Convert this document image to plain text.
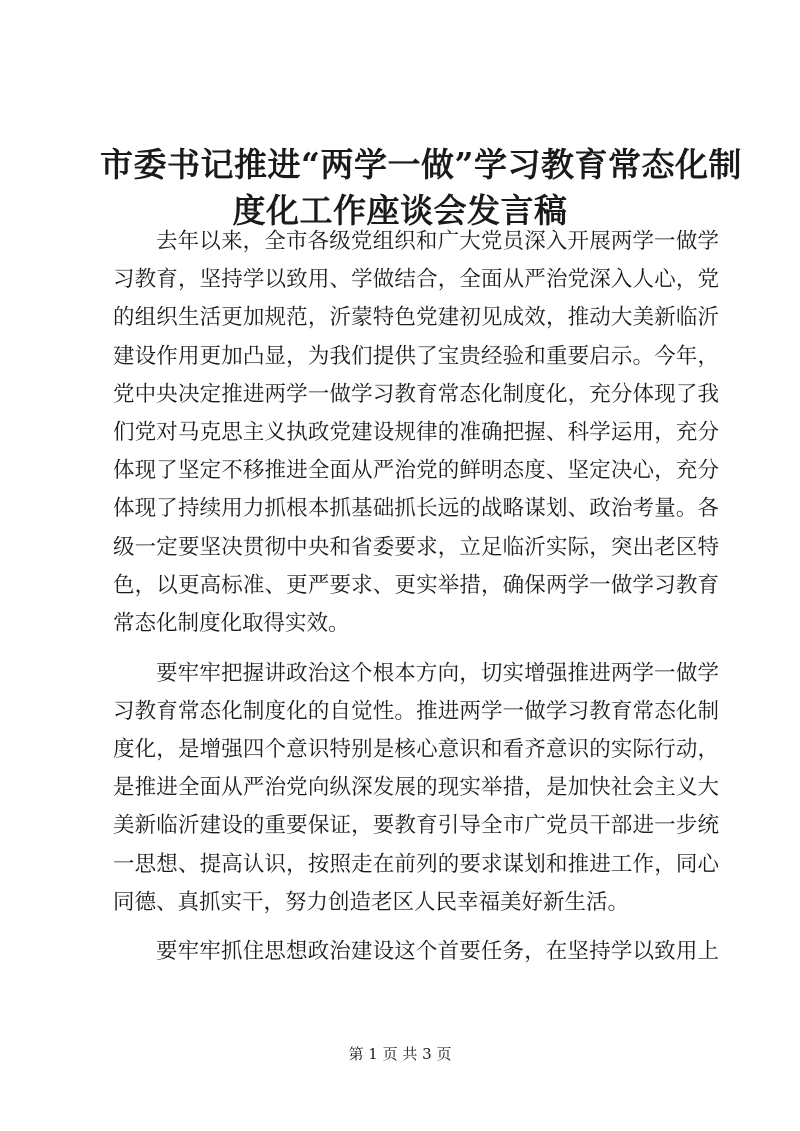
市委书记推进“两学一做”学习教育常态化制
度化工作座谈会发言稿
去年以来，全市各级党组织和广大党员深入开展两学一做学
习教育，坚持学以致用、学做结合，全面从严治党深入人心，党
的组织生活更加规范，沂蒙特色党建初见成效，推动大美新临沂
建设作用更加凸显，为我们提供了宝贵经验和重要启示。今年，
党中央决定推进两学一做学习教育常态化制度化，充分体现了我
们党对马克思主义执政党建设规律的准确把握、科学运用，充分
体现了坚定不移推进全面从严治党的鲜明态度、坚定决心，充分
体现了持续用力抓根本抓基础抓长远的战略谋划、政治考量。各
级一定要坚决贯彻中央和省委要求，立足临沂实际，突出老区特
色，以更高标准、更严要求、更实举措，确保两学一做学习教育
常态化制度化取得实效。
要牢牢把握讲政治这个根本方向，切实增强推进两学一做学
习教育常态化制度化的自觉性。推进两学一做学习教育常态化制
度化，是增强四个意识特别是核心意识和看齐意识的实际行动，
是推进全面从严治党向纵深发展的现实举措，是加快社会主义大
美新临沂建设的重要保证，要教育引导全市广党员干部进一步统
一思想、提高认识，按照走在前列的要求谋划和推进工作，同心
同德、真抓实干，努力创造老区人民幸福美好新生活。
要牢牢抓住思想政治建设这个首要任务，在坚持学以致用上
第 1 页 共 3 页
